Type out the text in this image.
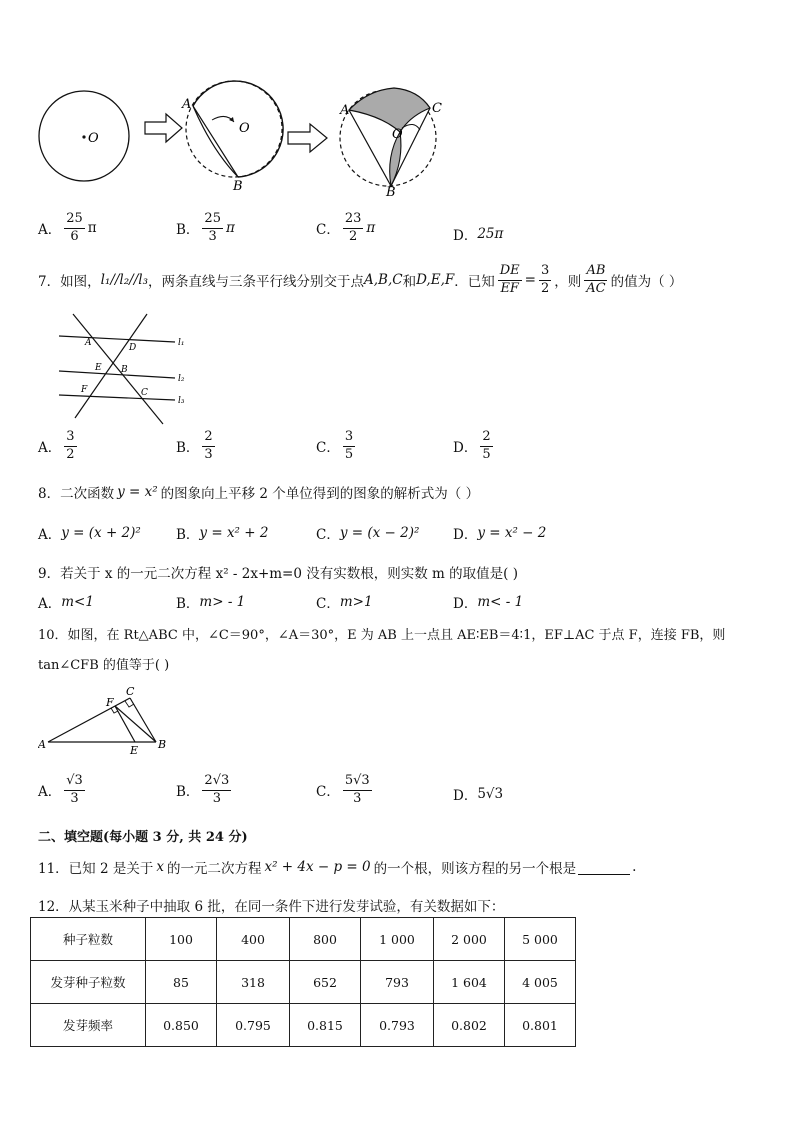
O
A
O
B
A	C
O
B
A． $\frac{25}{6}$ π	B． $\frac{25}{3}$ π	C． $\frac{23}{2}$ π	D． 25π
7． 如图， l₁//l₂//l₃ ，两条直线与三条平行线分别交于点 A,B,C 和 D,E,F ．已知 $\frac{DE}{EF} = \frac{3}{2}$ ，则 $\frac{AB}{AC}$ 的值为（ ）
A	D
E B
F	C
l₁
l₂
l₃
A． $\frac{3}{2}$	B． $\frac{2}{3}$	C． $\frac{3}{5}$	D． $\frac{2}{5}$
8．二次函数 y = x² 的图象向上平移 2 个单位得到的图象的解析式为（ ）
A． y = (x + 2)²	B． y = x² + 2	C． y = (x − 2)² D． y = x² − 2
9．若关于 x 的一元二次方程 x² - 2x+m=0 没有实数根，则实数 m 的取值是( )
A． m<1	B． m> - 1	C． m>1	D． m< - 1
10．如图，在 Rt△ABC 中，∠C＝90°，∠A＝30°，E 为 AB 上一点且 AE∶EB＝4∶1，EF⊥AC 于点 F，连接 FB，则
tan∠CFB 的值等于( )
A	B
C
F
E
A． $\frac{√3}{3}$	B． $\frac{2√3}{3}$	C． $\frac{5√3}{3}$	D． 5√3
二、填空题(每小题 3 分, 共 24 分)
11．已知 2 是关于 x 的一元二次方程 x² + 4x − p = 0 的一个根，则该方程的另一个根是	.
12．从某玉米种子中抽取 6 批，在同一条件下进行发芽试验，有关数据如下：
种子粒数	100	400	800	1 000	2 000	5 000
发芽种子粒数	85	318	652	793	1 604	4 005
发芽频率	0.850	0.795	0.815	0.793	0.802	0.801
